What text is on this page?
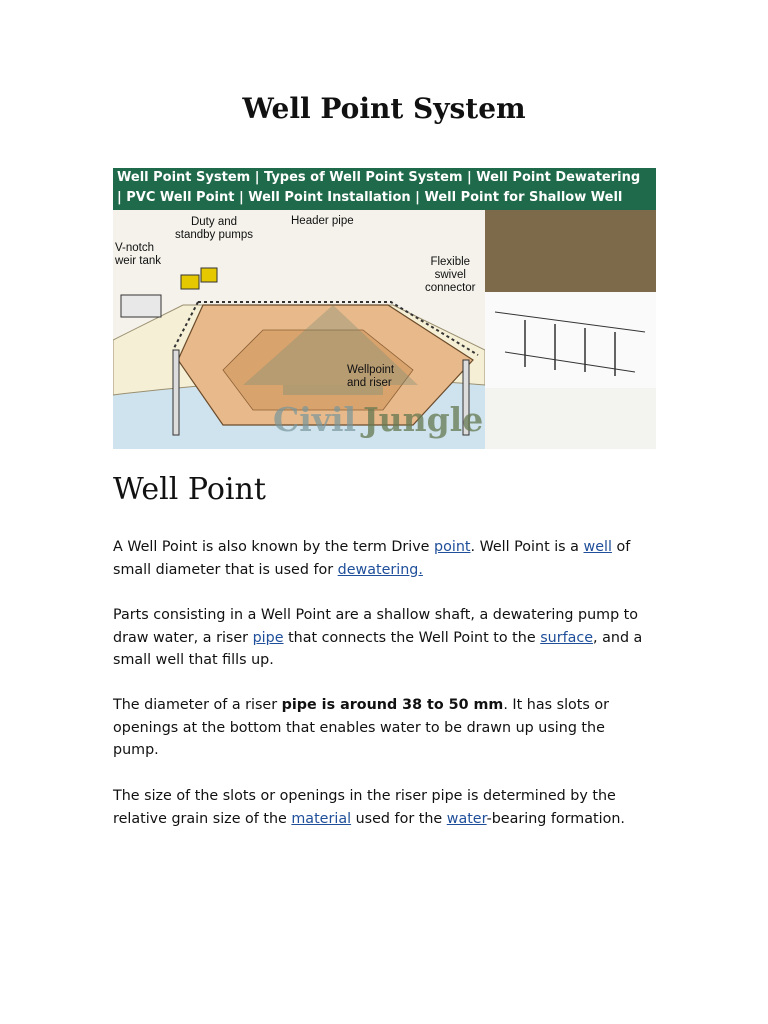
Well Point System
Well Point System | Types of Well Point System | Well Point Dewatering
| PVC Well Point | Well Point Installation | Well Point for Shallow Well
Duty and
standby pumps
Header pipe
V-notch
weir tank	Flexible
swivel
connector
Wellpoint
and riser
Civil Jungle
Well Point

A Well Point is also known by the term Drive point. Well Point is a well of small diameter that is used for dewatering.

Parts consisting in a Well Point are a shallow shaft, a dewatering pump to draw water, a riser pipe that connects the Well Point to the surface, and a small well that fills up.

The diameter of a riser pipe is around 38 to 50 mm. It has slots or openings at the bottom that enables water to be drawn up using the pump.

The size of the slots or openings in the riser pipe is determined by the relative grain size of the material used for the water-bearing formation.
